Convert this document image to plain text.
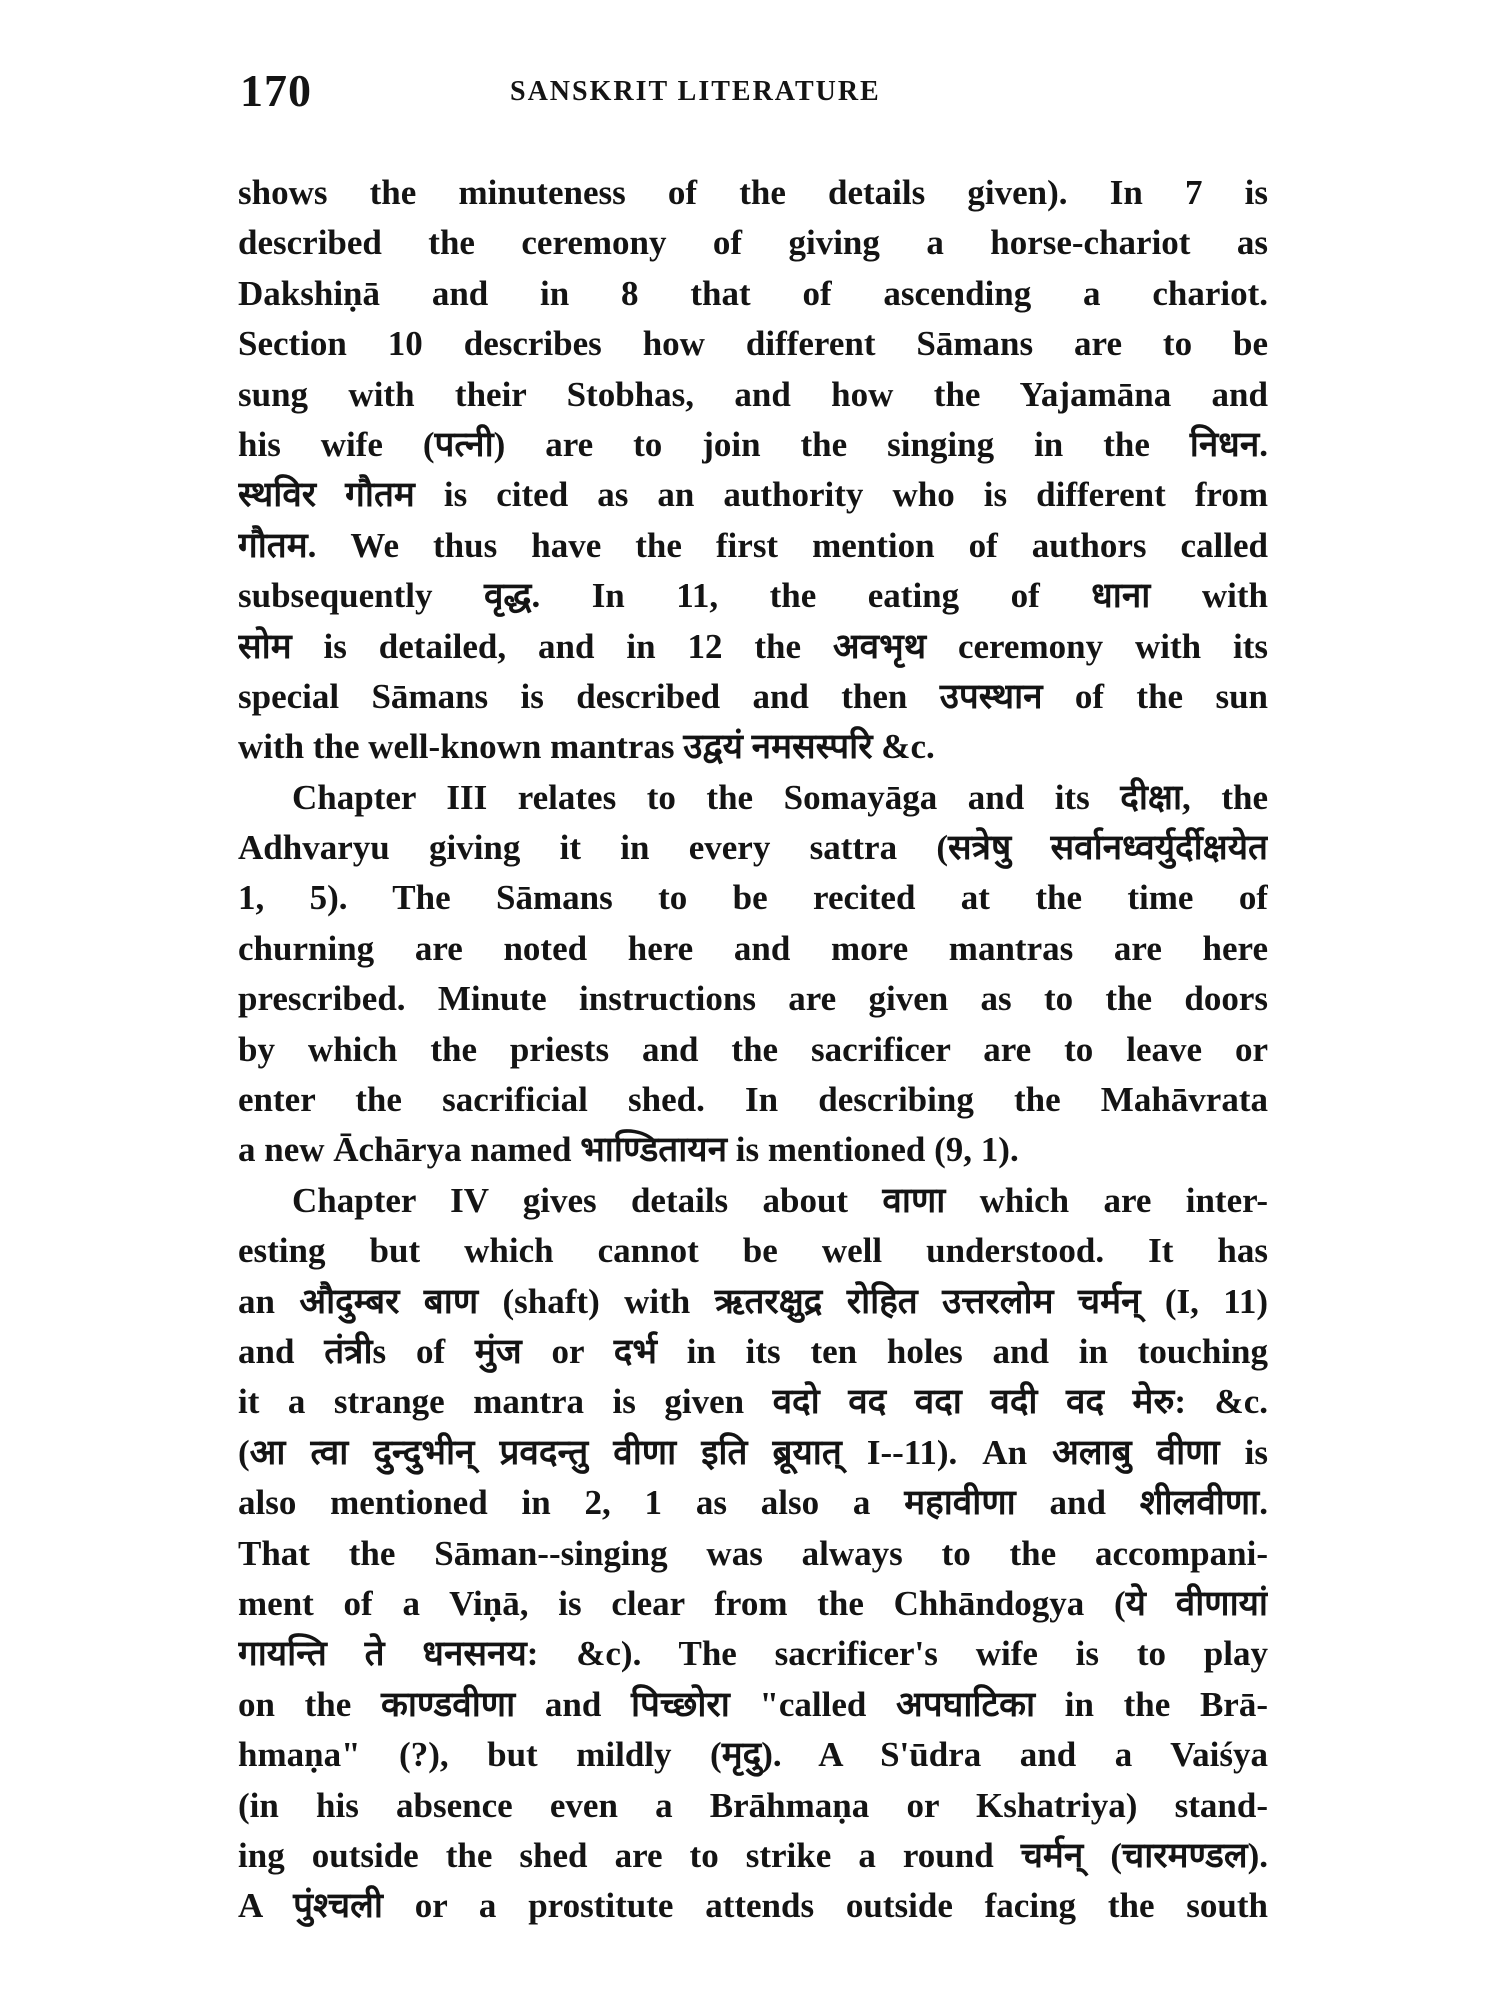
170	SANSKRIT LITERATURE
shows the minuteness of the details given). In 7 is
described the ceremony of giving a horse-chariot as
Dakshiṇā and in 8 that of ascending a chariot.
Section 10 describes how different Sāmans are to be
sung with their Stobhas, and how the Yajamāna and
his wife (पत्नी) are to join the singing in the निधन.
स्थविर गौतम is cited as an authority who is different from
गौतम. We thus have the first mention of authors called
subsequently वृद्ध. In 11, the eating of धाना with
सोम is detailed, and in 12 the अवभृथ ceremony with its
special Sāmans is described and then उपस्थान of the sun
with the well-known mantras उद्वयं नमसस्परि &c.
Chapter III relates to the Somayāga and its दीक्षा, the
Adhvaryu giving it in every sattra (सत्रेषु सर्वानध्वर्युर्दीक्षयेत
1, 5). The Sāmans to be recited at the time of
churning are noted here and more mantras are here
prescribed. Minute instructions are given as to the doors
by which the priests and the sacrificer are to leave or
enter the sacrificial shed. In describing the Mahāvrata
a new Āchārya named भाण्डितायन is mentioned (9, 1).
Chapter IV gives details about वाणा which are inter-
esting but which cannot be well understood. It has
an औदुम्बर बाण (shaft) with ऋतरक्षुद्र रोहित उत्तरलोम चर्मन् (I, 11)
and तंत्रीs of मुंज or दर्भ in its ten holes and in touching
it a strange mantra is given वदो वद वदा वदी वद मेरु: &c.
(आ त्वा दुन्दुभीन् प्रवदन्तु वीणा इति ब्रूयात् I--11). An अलाबु वीणा is
also mentioned in 2, 1 as also a महावीणा and शीलवीणा.
That the Sāman--singing was always to the accompani-
ment of a Viṇā, is clear from the Chhāndogya (ये वीणायां
गायन्ति ते धनसनय: &c). The sacrificer's wife is to play
on the काण्डवीणा and पिच्छोरा "called अपघाटिका in the Brā-
hmaṇa" (?), but mildly (मृदु). A S'ūdra and a Vaiśya
(in his absence even a Brāhmaṇa or Kshatriya) stand-
ing outside the shed are to strike a round चर्मन् (चारमण्डल).
A पुंश्चली or a prostitute attends outside facing the south
